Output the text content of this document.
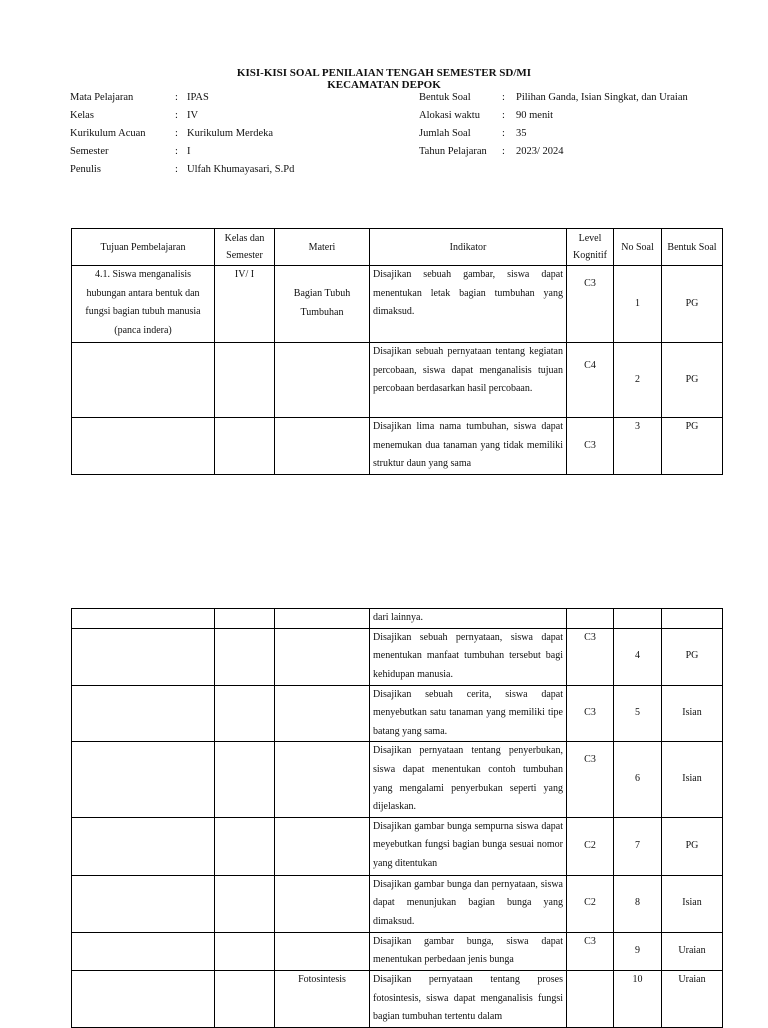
KISI-KISI SOAL PENILAIAN TENGAH SEMESTER SD/MI
KECAMATAN DEPOK
Mata Pelajaran	: IPAS
Kelas	: IV
Kurikulum Acuan	: Kurikulum Merdeka
Semester	: I
Penulis	: Ulfah Khumayasari, S.Pd
Bentuk Soal	: Pilihan Ganda, Isian Singkat, dan Uraian
Alokasi waktu : 90 menit
Jumlah Soal	: 35
Tahun Pelajaran : 2023/ 2024
Tujuan Pembelajaran	Kelas dan Semester	Materi	Indikator	Level Kognitif	No Soal	Bentuk Soal
4.1. Siswa menganalisis hubungan antara bentuk dan fungsi bagian tubuh manusia (panca indera)	IV/ I	Bagian Tubuh Tumbuhan	Disajikan sebuah gambar, siswa dapat menentukan letak bagian tumbuhan yang dimaksud.	C3	1	PG
			Disajikan sebuah pernyataan tentang kegiatan percobaan, siswa dapat menganalisis tujuan percobaan berdasarkan hasil percobaan.	C4	2	PG
			Disajikan lima nama tumbuhan, siswa dapat menemukan dua tanaman yang tidak memiliki struktur daun yang sama	C3	3	PG
			dari lainnya.			
			Disajikan sebuah pernyataan, siswa dapat menentukan manfaat tumbuhan tersebut bagi kehidupan manusia.	C3	4	PG
			Disajikan sebuah cerita, siswa dapat menyebutkan satu tanaman yang memiliki tipe batang yang sama.	C3	5	Isian
			Disajikan pernyataan tentang penyerbukan, siswa dapat menentukan contoh tumbuhan yang mengalami penyerbukan seperti yang dijelaskan.	C3	6	Isian
			Disajikan gambar bunga sempurna siswa dapat meyebutkan fungsi bagian bunga sesuai nomor yang ditentukan	C2	7	PG
			Disajikan gambar bunga dan pernyataan, siswa dapat menunjukan bagian bunga yang dimaksud.	C2	8	Isian
			Disajikan gambar bunga, siswa dapat menentukan perbedaan jenis bunga	C3	9	Uraian
		Fotosintesis	Disajikan pernyataan tentang proses fotosintesis, siswa dapat menganalisis fungsi bagian tumbuhan tertentu dalam		10	Uraian
